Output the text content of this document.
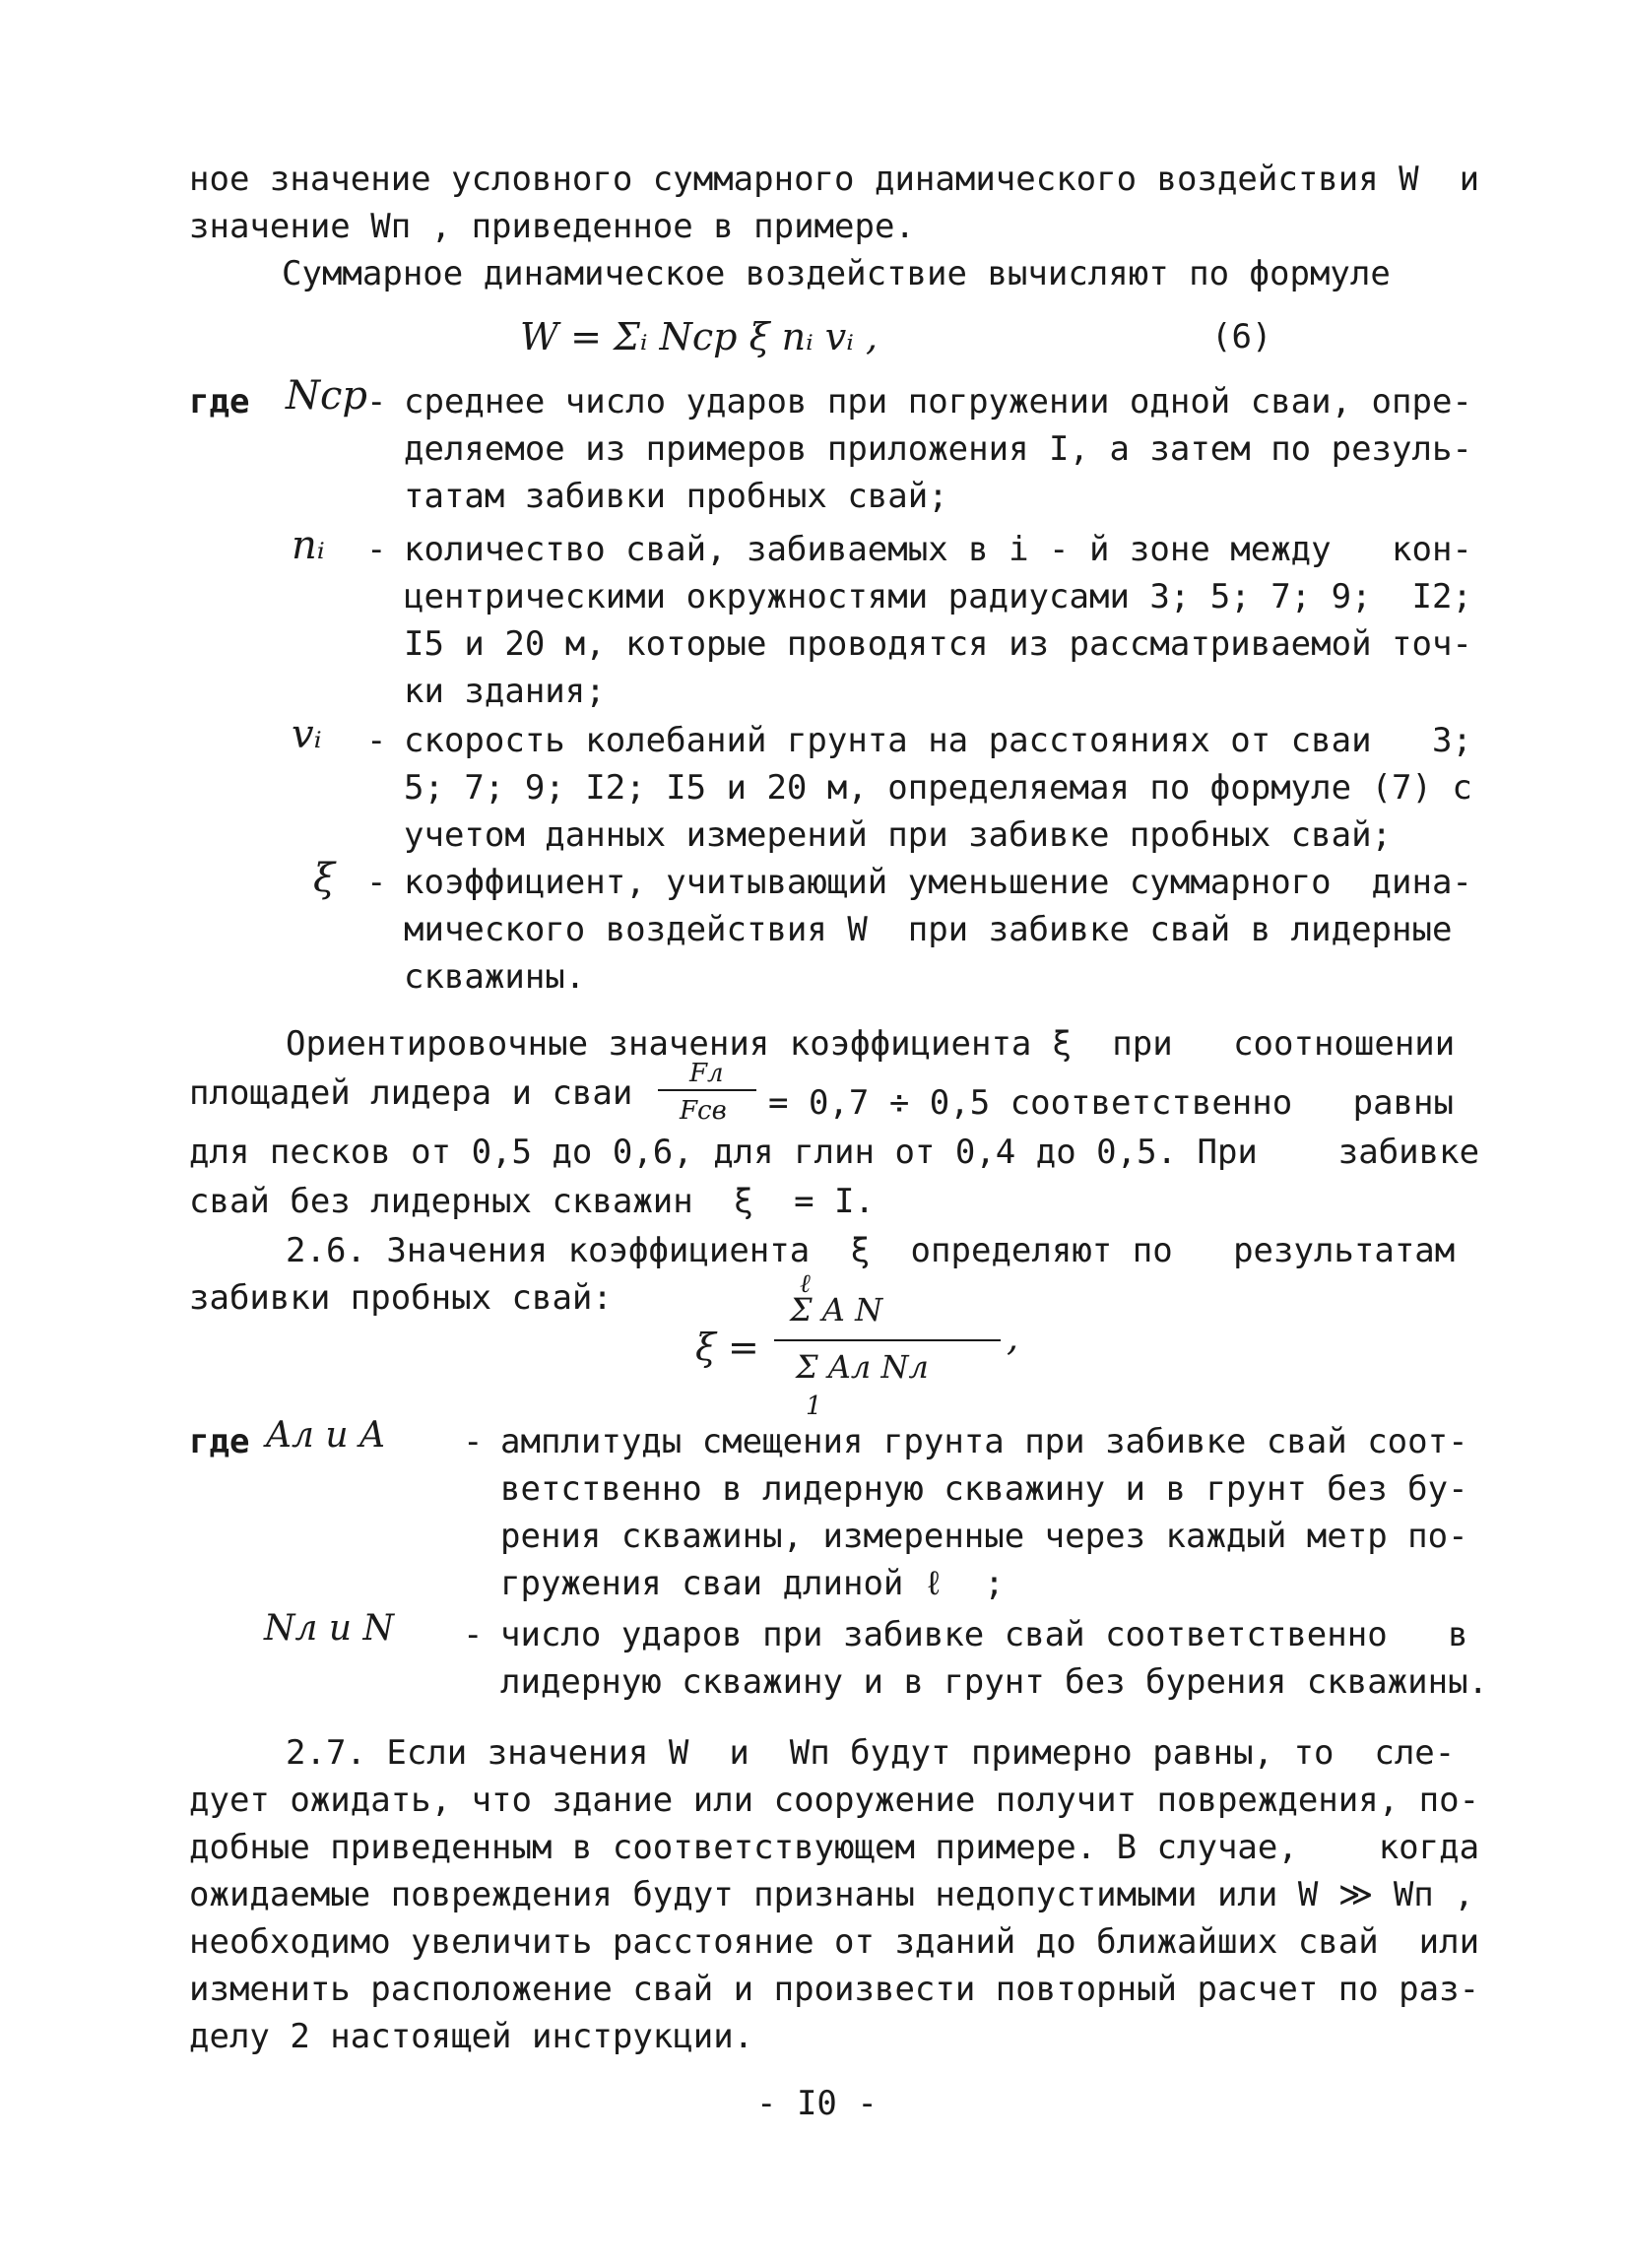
ное значение условного суммарного динамического воздействия W  и
значение Wп , приведенное в примере.
Суммарное динамическое воздействие вычисляют по формуле
W = Σᵢ Nср ξ nᵢ vᵢ ,	(6)
где Nср
- среднее число ударов при погружении одной сваи, опре-
деляемое из примеров приложения I, а затем по резуль-
татам забивки пробных свай;
nᵢ - количество свай, забиваемых в i - й зоне между   кон-
центрическими окружностями радиусами 3; 5; 7; 9;  I2;
I5 и 20 м, которые проводятся из рассматриваемой точ-
ки здания;
vᵢ - скорость колебаний грунта на расстояниях от сваи   3;
5; 7; 9; I2; I5 и 20 м, определяемая по формуле (7) с
учетом данных измерений при забивке пробных свай;
ξ - коэффициент, учитывающий уменьшение суммарного  дина-
мического воздействия W  при забивке свай в лидерные
скважины.
Ориентировочные значения коэффициента ξ  при   соотношении
площадей лидера и сваи Fл
Fсв = 0,7 ÷ 0,5 соответственно   равны
для песков от 0,5 до 0,6, для глин от 0,4 до 0,5. При    забивке
свай без лидерных скважин  ξ  = I.
2.6. Значения коэффициента  ξ  определяют по   результатам
забивки пробных свай:
ξ =
ℓ
Σ A N
Σ Aл Nл
1
,
где Aл и A - амплитуды смещения грунта при забивке свай соот-
ветственно в лидерную скважину и в грунт без бу-
рения скважины, измеренные через каждый метр по-
гружения сваи длиной ℓ  ;
Nл и N - число ударов при забивке свай соответственно   в
лидерную скважину и в грунт без бурения скважины.
2.7. Если значения W  и  Wп будут примерно равны, то  сле-
дует ожидать, что здание или сооружение получит повреждения, по-
добные приведенным в соответствующем примере. В случае,    когда
ожидаемые повреждения будут признаны недопустимыми или W ≫ Wп ,
необходимо увеличить расстояние от зданий до ближайших свай  или
изменить расположение свай и произвести повторный расчет по раз-
делу 2 настоящей инструкции.
- I0 -
